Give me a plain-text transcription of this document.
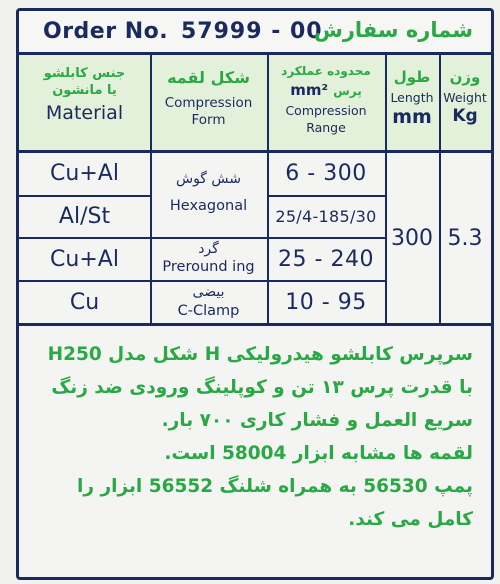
Order No. 57999 - 00
شماره سفارش
جنس کابلشو
یا مانشون
Material
شکل لقمه
Compression
Form
محدوده عملکرد
mm² پرس
Compression
Range
طول
Length
mm
وزن
Weight
Kg
Cu+Al
Al/St
Cu+Al
Cu
شش گوش
Hexagonal
گرد
Preround ing
بیضی
C-Clamp
6 - 300
25/4-185/30
25 - 240
10 - 95
300 5.3

سرپرس کابلشو هیدرولیکی H شکل مدل H250

با قدرت پرس ۱۳ تن و کوپلینگ ورودی ضد زنگ

سریع العمل و فشار کاری ۷۰۰ بار.

لقمه ها مشابه ابزار 58004 است.

پمپ 56530 به همراه شلنگ 56552 ابزار را

کامل می کند.
